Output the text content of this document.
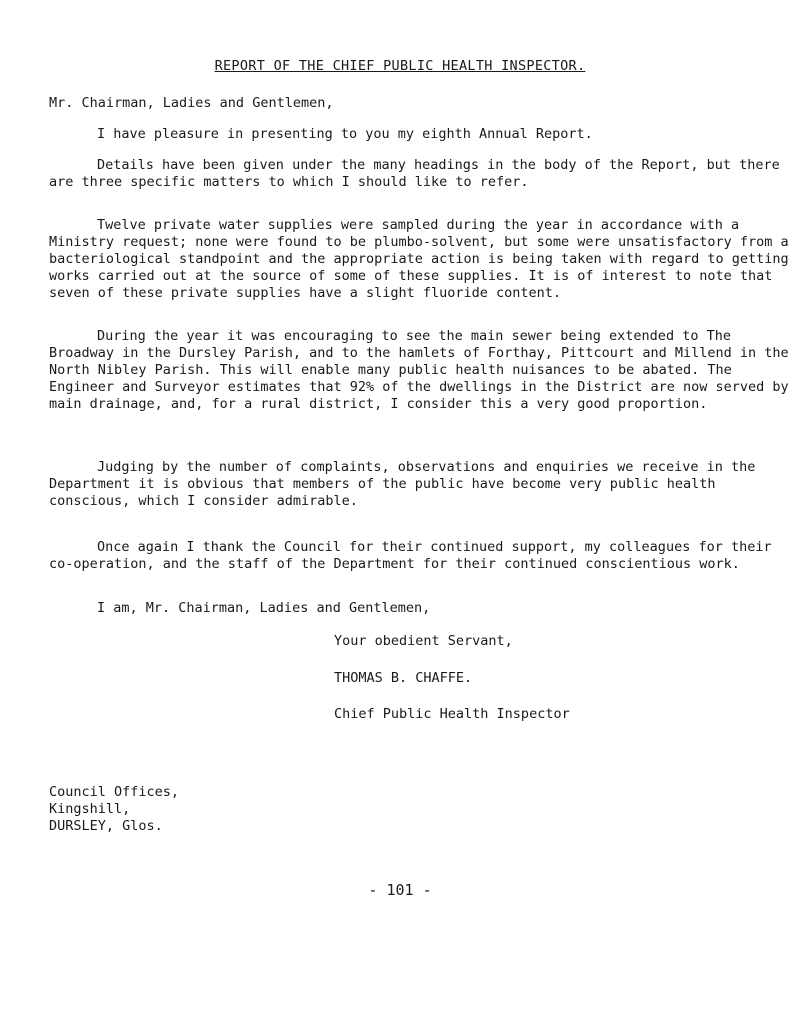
REPORT OF THE CHIEF PUBLIC HEALTH INSPECTOR.
Mr. Chairman, Ladies and Gentlemen,

I have pleasure in presenting to you my eighth Annual Report.

Details have been given under the many headings in the body of the Report, but there are three specific matters to which I should like to refer.

Twelve private water supplies were sampled during the year in accordance with a Ministry request; none were found to be plumbo-solvent, but some were unsatisfactory from a bacteriological standpoint and the appropriate action is being taken with regard to getting works carried out at the source of some of these supplies. It is of interest to note that seven of these private supplies have a slight fluoride content.

During the year it was encouraging to see the main sewer being extended to The Broadway in the Dursley Parish, and to the hamlets of Forthay, Pittcourt and Millend in the North Nibley Parish. This will enable many public health nuisances to be abated. The Engineer and Surveyor estimates that 92% of the dwellings in the District are now served by main drainage, and, for a rural district, I consider this a very good proportion.

Judging by the number of complaints, observations and enquiries we receive in the Department it is obvious that members of the public have become very public health conscious, which I consider admirable.

Once again I thank the Council for their continued support, my colleagues for their co-operation, and the staff of the Department for their continued conscientious work.

I am, Mr. Chairman, Ladies and Gentlemen,
Your obedient Servant,
THOMAS B. CHAFFE.
Chief Public Health Inspector
Council Offices,
Kingshill,
DURSLEY, Glos.
- 101 -
